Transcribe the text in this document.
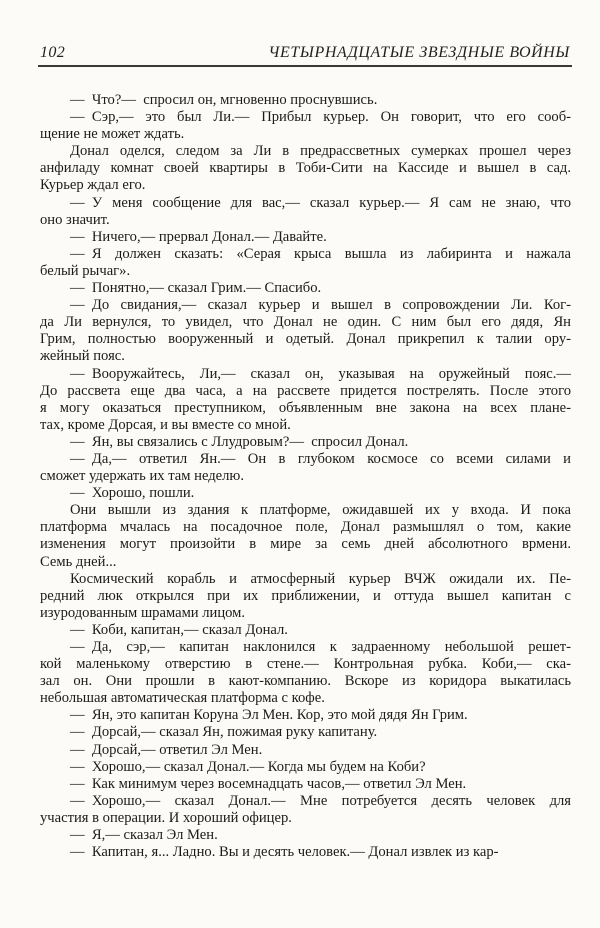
102	ЧЕТЫРНАДЦАТЫЕ ЗВЕЗДНЫЕ ВОЙНЫ
— Что?— спросил он, мгновенно проснувшись.
— Сэр,— это был Ли.— Прибыл курьер. Он говорит, что его сооб-
щение не может ждать.
Донал оделся, следом за Ли в предрассветных сумерках прошел через
анфиладу комнат своей квартиры в Тоби-Сити на Кассиде и вышел в сад.
Курьер ждал его.
— У меня сообщение для вас,— сказал курьер.— Я сам не знаю, что
оно значит.
— Ничего,— прервал Донал.— Давайте.
— Я должен сказать: «Серая крыса вышла из лабиринта и нажала
белый рычаг».
— Понятно,— сказал Грим.— Спасибо.
— До свидания,— сказал курьер и вышел в сопровождении Ли. Ког-
да Ли вернулся, то увидел, что Донал не один. С ним был его дядя, Ян
Грим, полностью вооруженный и одетый. Донал прикрепил к талии ору-
жейный пояс.
— Вооружайтесь, Ли,— сказал он, указывая на оружейный пояс.—
До рассвета еще два часа, а на рассвете придется пострелять. После этого
я могу оказаться преступником, объявленным вне закона на всех плане-
тах, кроме Дорсая, и вы вместе со мной.
— Ян, вы связались с Ллудровым?— спросил Донал.
— Да,— ответил Ян.— Он в глубоком космосе со всеми силами и
сможет удержать их там неделю.
— Хорошо, пошли.
Они вышли из здания к платформе, ожидавшей их у входа. И пока
платформа мчалась на посадочное поле, Донал размышлял о том, какие
изменения могут произойти в мире за семь дней абсолютного врмени.
Семь дней...
Космический корабль и атмосферный курьер ВЧЖ ожидали их. Пе-
редний люк открылся при их приближении, и оттуда вышел капитан с
изуродованным шрамами лицом.
— Коби, капитан,— сказал Донал.
— Да, сэр,— капитан наклонился к задраенному небольшой решет-
кой маленькому отверстию в стене.— Контрольная рубка. Коби,— ска-
зал он. Они прошли в кают-компанию. Вскоре из коридора выкатилась
небольшая автоматическая платформа с кофе.
— Ян, это капитан Коруна Эл Мен. Кор, это мой дядя Ян Грим.
— Дорсай,— сказал Ян, пожимая руку капитану.
— Дорсай,— ответил Эл Мен.
— Хорошо,— сказал Донал.— Когда мы будем на Коби?
— Как минимум через восемнадцать часов,— ответил Эл Мен.
— Хорошо,— сказал Донал.— Мне потребуется десять человек для
участия в операции. И хороший офицер.
— Я,— сказал Эл Мен.
— Капитан, я... Ладно. Вы и десять человек.— Донал извлек из кар-
